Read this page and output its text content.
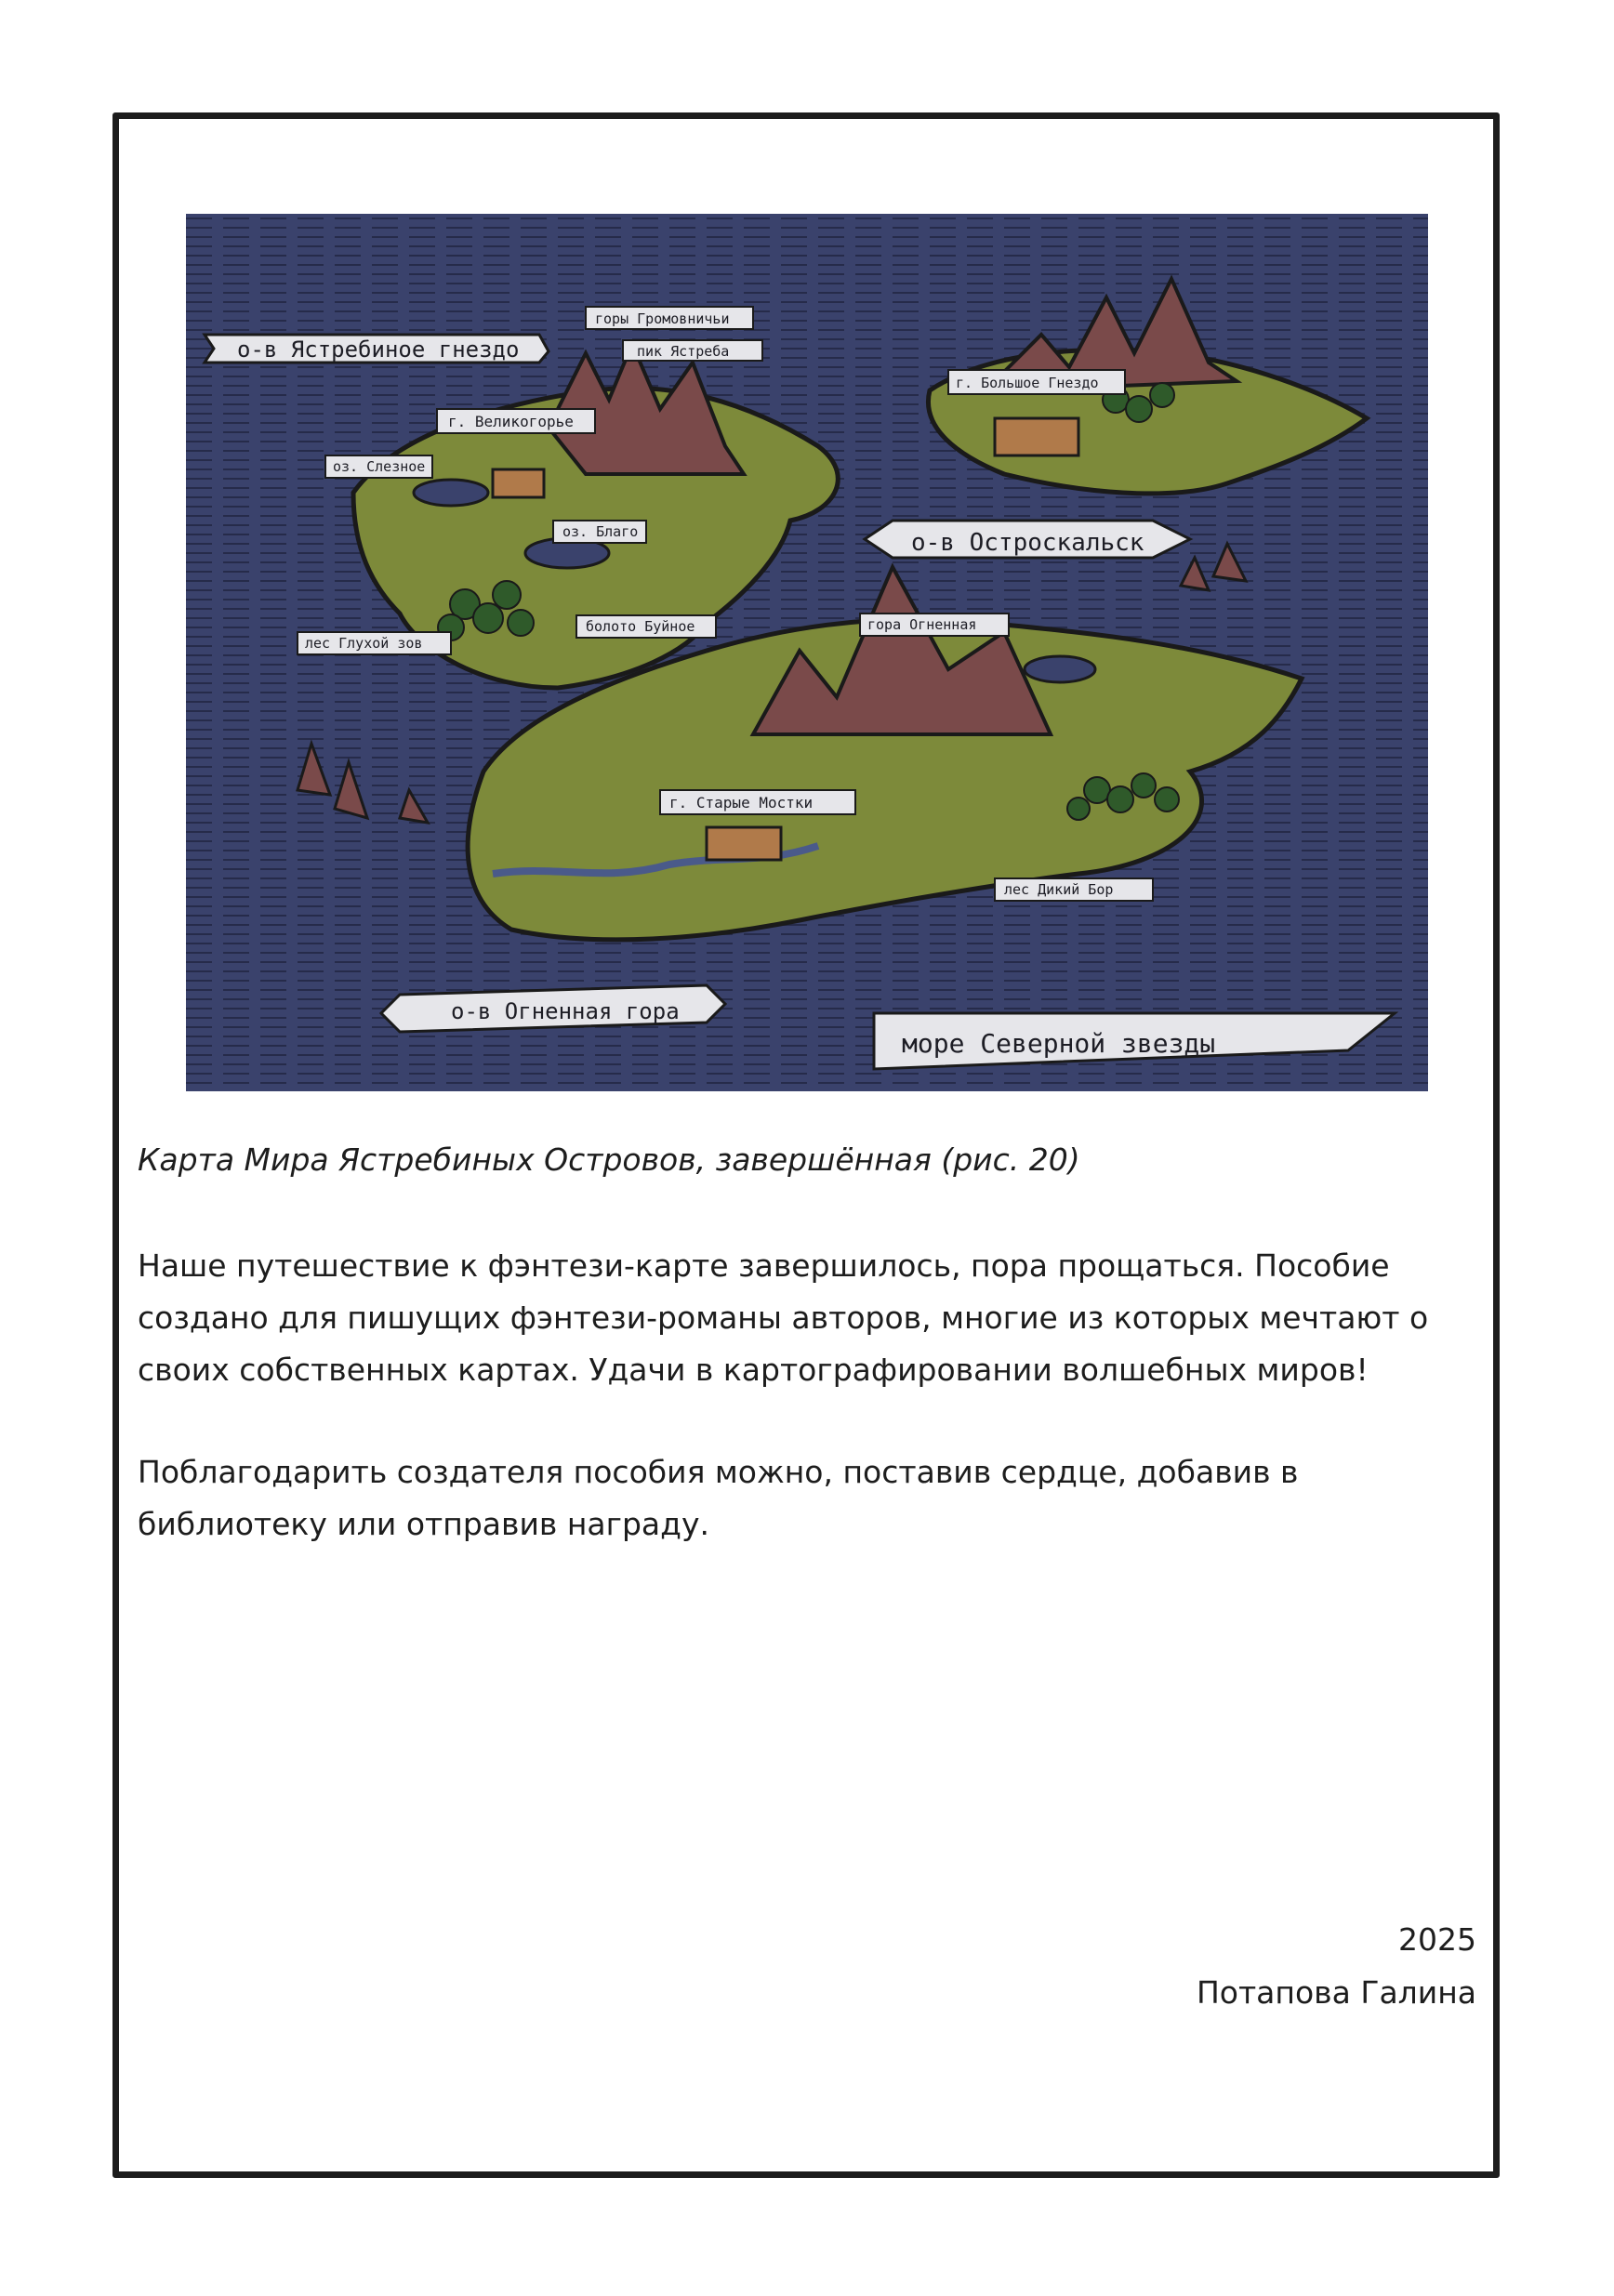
о-в Ястребиное гнездо
о-в Остроскальск
о-в Огненная гора
море Северной звезды
горы Громовничьи
пик Ястреба
г. Великогорье
оз. Слезное
оз. Благо
лес Глухой зов
болото Буйное
г. Большое Гнездо
гора Огненная
г. Старые Мостки
лес Дикий Бор
Карта Мира Ястребиных Островов, завершённая (рис. 20)
Наше путешествие к фэнтези-карте завершилось, пора прощаться. Пособие создано для пишущих фэнтези-романы авторов, многие из которых мечтают о своих собственных картах. Удачи в картографировании волшебных миров!
Поблагодарить создателя пособия можно, поставив сердце, добавив в библиотеку или отправив награду.
2025
Потапова Галина
